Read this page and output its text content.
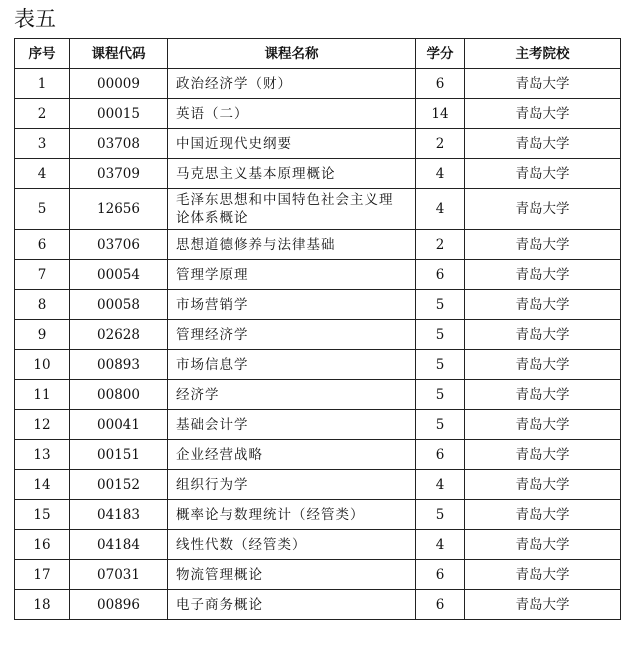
表五
序号	课程代码	课程名称	学分	主考院校
1	00009	政治经济学（财）	6	青岛大学
2	00015	英语（二）	14	青岛大学
3	03708	中国近现代史纲要	2	青岛大学
4	03709	马克思主义基本原理概论	4	青岛大学
5	12656	毛泽东思想和中国特色社会主义理论体系概论	4	青岛大学
6	03706	思想道德修养与法律基础	2	青岛大学
7	00054	管理学原理	6	青岛大学
8	00058	市场营销学	5	青岛大学
9	02628	管理经济学	5	青岛大学
10	00893	市场信息学	5	青岛大学
11	00800	经济学	5	青岛大学
12	00041	基础会计学	5	青岛大学
13	00151	企业经营战略	6	青岛大学
14	00152	组织行为学	4	青岛大学
15	04183	概率论与数理统计（经管类）	5	青岛大学
16	04184	线性代数（经管类）	4	青岛大学
17	07031	物流管理概论	6	青岛大学
18	00896	电子商务概论	6	青岛大学
